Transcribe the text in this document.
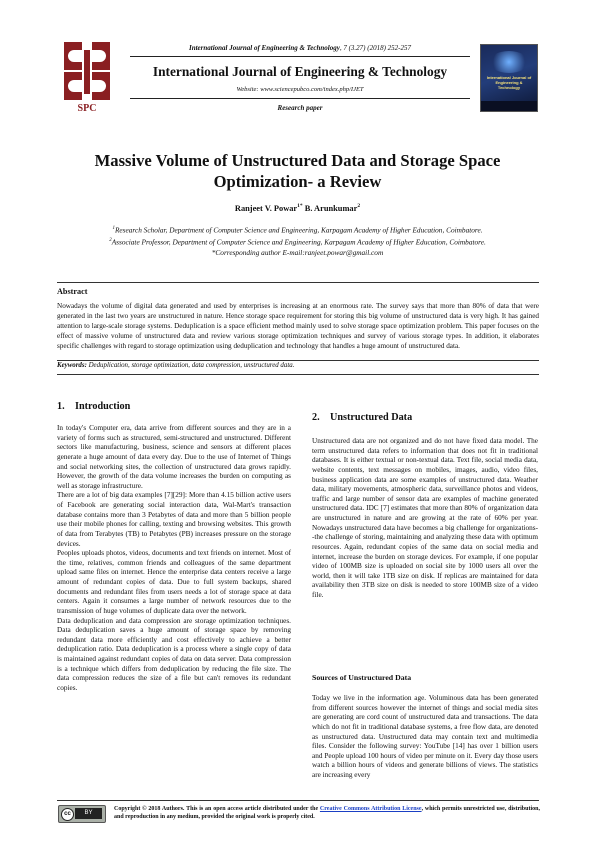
SPC
International Journal of Engineering & Technology
International Journal of Engineering & Technology, 7 (3.27) (2018) 252-257
International Journal of Engineering & Technology
Website: www.sciencepubco.com/index.php/IJET
Research paper
Massive Volume of Unstructured Data and Storage Space
Optimization- a Review
Ranjeet V. Powar$^{1*}$ B. Arunkumar$^2$
$^1$Research Scholar, Department of Computer Science and Engineering, Karpagam Academy of Higher Education, Coimbatore.
$^2$Associate Professor, Department of Computer Science and Engineering, Karpagam Academy of Higher Education, Coimbatore.
*Corresponding author E-mail:ranjeet.powar@gmail.com
Abstract
Nowadays the volume of digital data generated and used by enterprises is increasing at an enormous rate. The survey says that more than 80% of data that were generated in the last two years are unstructured in nature. Hence storage space requirement for storing this big volume of unstructured data is very high. It has gained attention to large-scale storage systems. Deduplication is a space efficient method mainly used to solve storage space optimization problem. This paper focuses on the effect of massive volume of unstructured data and review various storage optimization techniques and survey of various storage types. In addition, it elaborates specific challenges with regard to storage optimization using deduplication and technology that handles a huge amount of unstructured data.
Keywords: Deduplication, storage optimization, data compression, unstructured data.
1. Introduction

In today's Computer era, data arrive from different sources and they are in a variety of forms such as structured, semi-structured and unstructured. Different sectors like manufacturing, business, science and sensors at different places generate a huge amount of data every day. Due to the use of Internet of Things and social networking sites, the collection of unstructured data grows rapidly. However, the growth of the data volume increases the burden on computing as well as storage infrastructure.

There are a lot of big data examples [7][29]: More than 4.15 billion active users of Facebook are generating social interaction data, Wal-Mart's transaction database contains more than 3 Petabytes of data and more than 5 billion people use their mobile phones for calling, texting and browsing websites. This growth of data from Terabytes (TB) to Petabytes (PB) increases pressure on the storage devices.

Peoples uploads photos, videos, documents and text friends on internet. Most of the time, relatives, common friends and colleagues of the same department upload same files on internet. Hence the enterprise data centers receive a large amount of redundant copies of data. Due to full system backups, shared documents and redundant files from users needs a lot of storage space at data centers. Again it consumes a large number of network resources due to the transmission of huge volumes of duplicate data over the network.

Data deduplication and data compression are storage optimization techniques. Data deduplication saves a huge amount of storage space by removing redundant data more efficiently and cost effectively to achieve a better deduplication ratio. Data deduplication is a process where a single copy of data is maintained against redundant copies of data on data server. Data compression is a technique which differs from deduplication by reducing the file size. The data compression reduces the size of a file but can't removes its redundant copies.

2. Unstructured Data

Unstructured data are not organized and do not have fixed data model. The term unstructured data refers to information that does not fit in traditional databases. It is either textual or non-textual data. Text file, social media data, website contents, text messages on mobiles, images, audio, video files, business application data are some examples of unstructured data. Weather data, military movements, atmospheric data, surveillance photos and videos, traffic and large number of sensor data are examples of machine generated unstructured data. IDC [7] estimates that more than 80% of organization data are unstructured in nature and are growing at the rate of 60% per year. Nowadays unstructured data have becomes a big challenge for organizations--the challenge of storing, maintaining and analyzing these data with optimum resources. Again, redundant copies of the same data on social media and internet, increase the burden on storage devices. For example, if one popular video of 100MB size is uploaded on social site by 1000 users all over the world, then it will take 1TB size on disk. If replicas are maintained for data availability then 3TB size on disk is needed to store 100MB size of a video file.

Sources of Unstructured Data

Today we live in the information age. Voluminous data has been generated from different sources however the internet of things and social media sites are generating are cord count of unstructured data and transactions. The data which do not fit in traditional database systems, a free flow data, are denoted as unstructured data. Unstructured data may contain text and multimedia files. Consider the following survey: YouTube [14] has over 1 billion users and People upload 100 hours of video per minute on it. Every day those users watch a billion hours of videos and generate billions of views. The statistics are increasing every

cc	BY
Copyright © 2018 Authors. This is an open access article distributed under the Creative Commons Attribution License, which permits unrestricted use, distribution, and reproduction in any medium, provided the original work is properly cited.
